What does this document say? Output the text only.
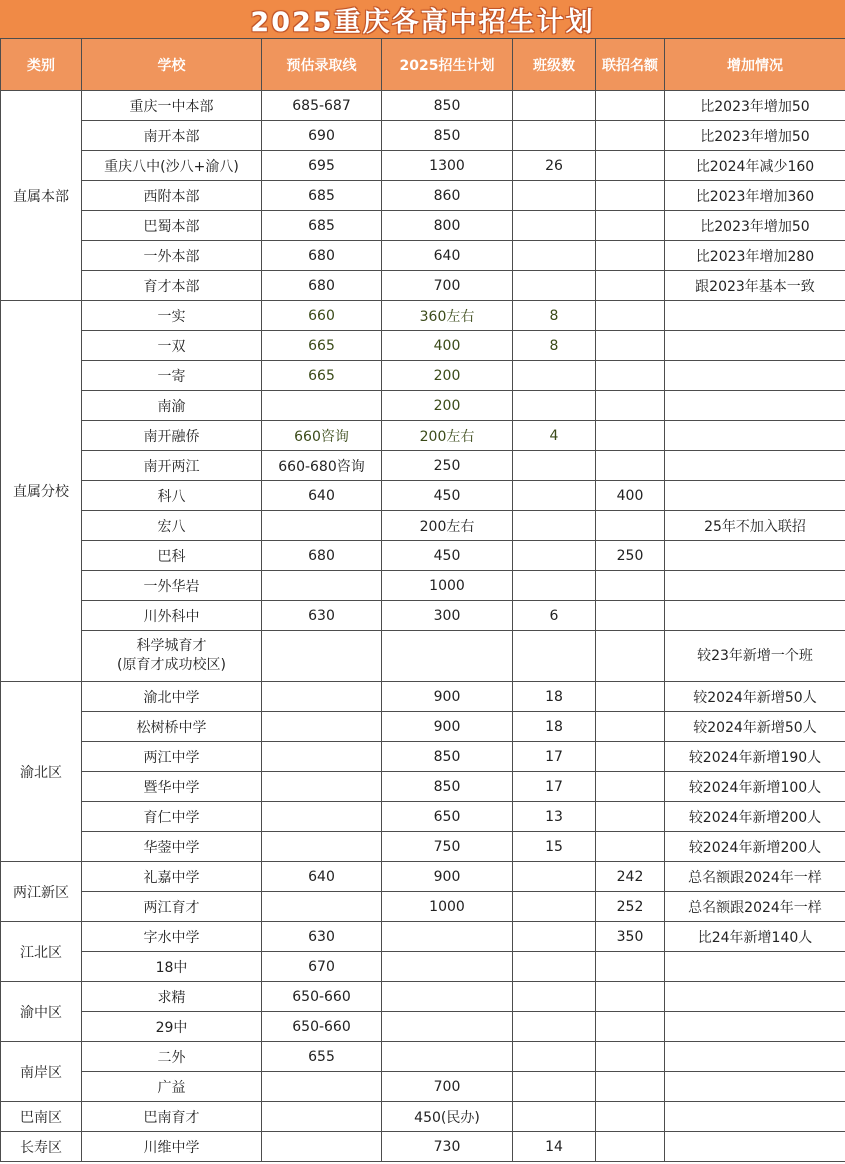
2025重庆各高中招生计划
类别	学校	预估录取线	2025招生计划	班级数	联招名额	增加情况
直属本部	重庆一中本部	685-687	850			比2023年增加50
	南开本部	690	850			比2023年增加50
	重庆八中(沙八+渝八)	695	1300	26		比2024年减少160
	西附本部	685	860			比2023年增加360
	巴蜀本部	685	800			比2023年增加50
	一外本部	680	640			比2023年增加280
	育才本部	680	700			跟2023年基本一致
直属分校	一实	660	360左右	8		
	一双	665	400	8		
	一寄	665	200			
	南渝		200			
	南开融侨	660咨询	200左右	4		
	南开两江	660-680咨询	250			
	科八	640	450		400	
	宏八		200左右			25年不加入联招
	巴科	680	450		250	
	一外华岩		1000			
	川外科中	630	300	6		

	科学城育才
(原育才成功校区)					较23年新增一个班
渝北区	渝北中学		900	18		较2024年新增50人
	松树桥中学		900	18		较2024年新增50人
	两江中学		850	17		较2024年新增190人
	暨华中学		850	17		较2024年新增100人
	育仁中学		650	13		较2024年新增200人
	华蓥中学		750	15		较2024年新增200人
两江新区	礼嘉中学	640	900		242	总名额跟2024年一样
	两江育才		1000		252	总名额跟2024年一样
江北区	字水中学	630			350	比24年新增140人
	18中	670				
渝中区	求精	650-660				
	29中	650-660				
南岸区	二外	655				
	广益		700			
巴南区	巴南育才		450(民办)			
长寿区	川维中学		730	14		
